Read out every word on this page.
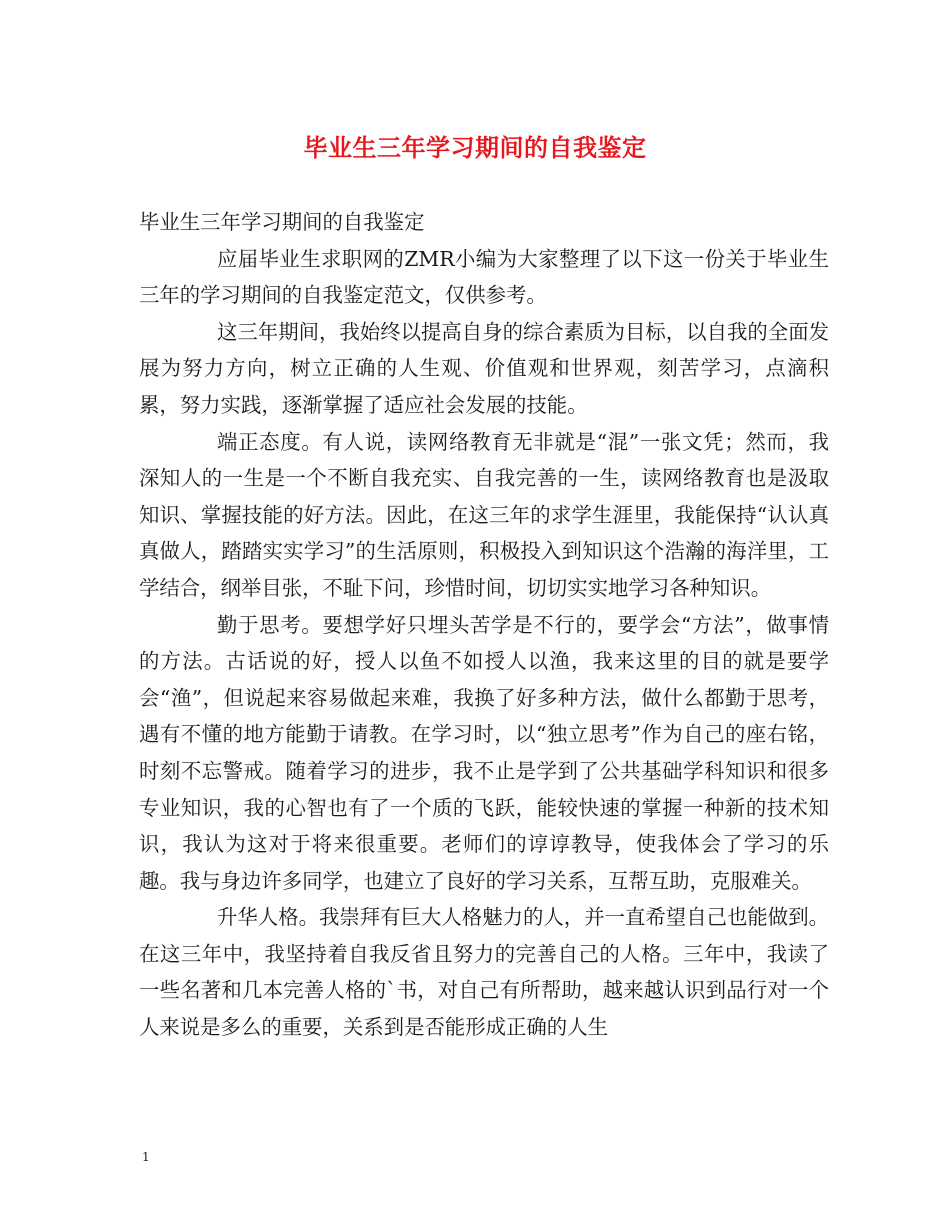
毕业生三年学习期间的自我鉴定

毕业生三年学习期间的自我鉴定

应届毕业生求职网的ZMR小编为大家整理了以下这一份关于毕业生三年的学习期间的自我鉴定范文，仅供参考。

这三年期间，我始终以提高自身的综合素质为目标，以自我的全面发展为努力方向，树立正确的人生观、价值观和世界观，刻苦学习，点滴积累，努力实践，逐渐掌握了适应社会发展的技能。

端正态度。有人说，读网络教育无非就是“混”一张文凭；然而，我深知人的一生是一个不断自我充实、自我完善的一生，读网络教育也是汲取知识、掌握技能的好方法。因此，在这三年的求学生涯里，我能保持“认认真真做人，踏踏实实学习”的生活原则，积极投入到知识这个浩瀚的海洋里，工学结合，纲举目张，不耻下问，珍惜时间，切切实实地学习各种知识。

勤于思考。要想学好只埋头苦学是不行的，要学会“方法”，做事情的方法。古话说的好，授人以鱼不如授人以渔，我来这里的目的就是要学会“渔”，但说起来容易做起来难，我换了好多种方法，做什么都勤于思考，遇有不懂的地方能勤于请教。在学习时，以“独立思考”作为自己的座右铭，时刻不忘警戒。随着学习的进步，我不止是学到了公共基础学科知识和很多专业知识，我的心智也有了一个质的飞跃，能较快速的掌握一种新的技术知识，我认为这对于将来很重要。老师们的谆谆教导，使我体会了学习的乐趣。我与身边许多同学，也建立了良好的学习关系，互帮互助，克服难关。

升华人格。我崇拜有巨大人格魅力的人，并一直希望自己也能做到。在这三年中，我坚持着自我反省且努力的完善自己的人格。三年中，我读了一些名著和几本完善人格的`书，对自己有所帮助，越来越认识到品行对一个人来说是多么的重要，关系到是否能形成正确的人生

1
